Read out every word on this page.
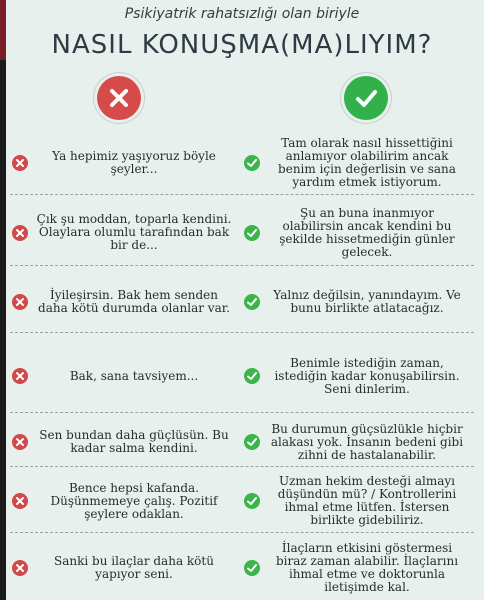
Psikiyatrik rahatsızlığı olan biriyle
NASIL KONUŞMA(MA)LIYIM?
Ya hepimiz yaşıyoruz böyle
şeyler...
Tam olarak nasıl hissettiğini
anlamıyor olabilirim ancak
benim için değerlisin ve sana
yardım etmek istiyorum.
Çık şu moddan, toparla kendini.
Olaylara olumlu tarafından bak
bir de...
Şu an buna inanmıyor
olabilirsin ancak kendini bu
şekilde hissetmediğin günler
gelecek.
İyileşirsin. Bak hem senden
daha kötü durumda olanlar var.
Yalnız değilsin, yanındayım. Ve
bunu birlikte atlatacağız.
Bak, sana tavsiyem...
Benimle istediğin zaman,
istediğin kadar konuşabilirsin.
Seni dinlerim.
Sen bundan daha güçlüsün. Bu
kadar salma kendini.
Bu durumun güçsüzlükle hiçbir
alakası yok. İnsanın bedeni gibi
zihni de hastalanabilir.
Bence hepsi kafanda.
Düşünmemeye çalış. Pozitif
şeylere odaklan.
Uzman hekim desteği almayı
düşündün mü? / Kontrollerini
ihmal etme lütfen. İstersen
birlikte gidebiliriz.
Sanki bu ilaçlar daha kötü
yapıyor seni.
İlaçların etkisini göstermesi
biraz zaman alabilir. İlaçlarını
ihmal etme ve doktorunla
iletişimde kal.
